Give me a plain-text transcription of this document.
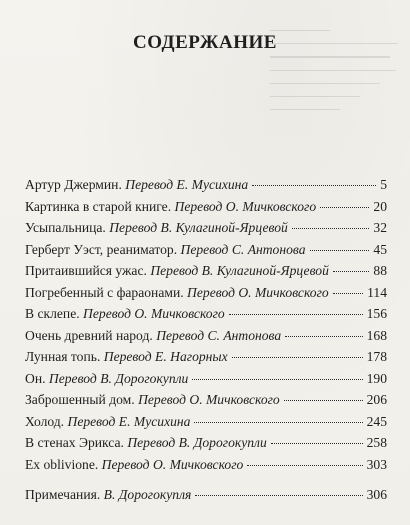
СОДЕРЖАНИЕ
Артур Джермин. Перевод Е. Мусихина	5
Картинка в старой книге. Перевод О. Мичковского	20
Усыпальница. Перевод В. Кулагиной-Ярцевой	32
Герберт Уэст, реаниматор. Перевод С. Антонова	45
Притаившийся ужас. Перевод В. Кулагиной-Ярцевой	88
Погребенный с фараонами. Перевод О. Мичковского	114
В склепе. Перевод О. Мичковского	156
Очень древний народ. Перевод С. Антонова	168
Лунная топь. Перевод Е. Нагорных	178
Он. Перевод В. Дорогокупли	190
Заброшенный дом. Перевод О. Мичковского	206
Холод. Перевод Е. Мусихина	245
В стенах Эрикса. Перевод В. Дорогокупли	258
Ex oblivione. Перевод О. Мичковского	303
Примечания. В. Дорогокупля	306
